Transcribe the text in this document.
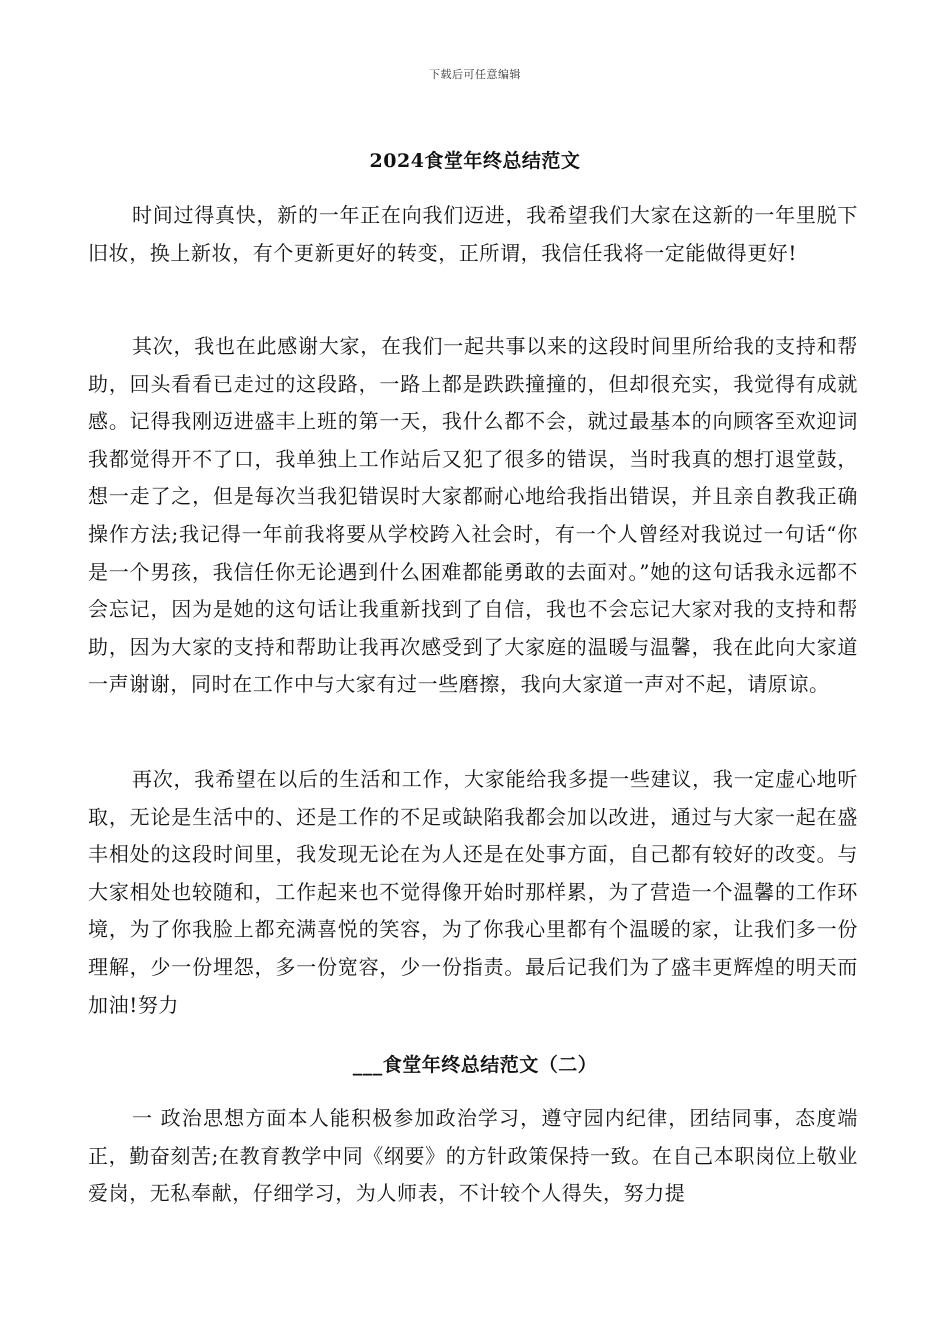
下载后可任意编辑
2024食堂年终总结范文

时间过得真快，新的一年正在向我们迈进，我希望我们大家在这新的一年里脱下旧妆，换上新妆，有个更新更好的转变，正所谓，我信任我将一定能做得更好!

其次，我也在此感谢大家，在我们一起共事以来的这段时间里所给我的支持和帮助，回头看看已走过的这段路，一路上都是跌跌撞撞的，但却很充实，我觉得有成就感。记得我刚迈进盛丰上班的第一天，我什么都不会，就过最基本的向顾客至欢迎词我都觉得开不了口，我单独上工作站后又犯了很多的错误，当时我真的想打退堂鼓，想一走了之，但是每次当我犯错误时大家都耐心地给我指出错误，并且亲自教我正确操作方法;我记得一年前我将要从学校跨入社会时，有一个人曾经对我说过一句话“你是一个男孩，我信任你无论遇到什么困难都能勇敢的去面对。”她的这句话我永远都不会忘记，因为是她的这句话让我重新找到了自信，我也不会忘记大家对我的支持和帮助，因为大家的支持和帮助让我再次感受到了大家庭的温暖与温馨，我在此向大家道一声谢谢，同时在工作中与大家有过一些磨擦，我向大家道一声对不起，请原谅。

再次，我希望在以后的生活和工作，大家能给我多提一些建议，我一定虚心地听取，无论是生活中的、还是工作的不足或缺陷我都会加以改进，通过与大家一起在盛丰相处的这段时间里，我发现无论在为人还是在处事方面，自己都有较好的改变。与大家相处也较随和，工作起来也不觉得像开始时那样累，为了营造一个温馨的工作环境，为了你我脸上都充满喜悦的笑容，为了你我心里都有个温暖的家，让我们多一份理解，少一份埋怨，多一份宽容，少一份指责。最后记我们为了盛丰更辉煌的明天而加油!努力

___食堂年终总结范文（二）

一 政治思想方面本人能积极参加政治学习，遵守园内纪律，团结同事，态度端正，勤奋刻苦;在教育教学中同《纲要》的方针政策保持一致。在自己本职岗位上敬业爱岗，无私奉献，仔细学习，为人师表，不计较个人得失，努力提
